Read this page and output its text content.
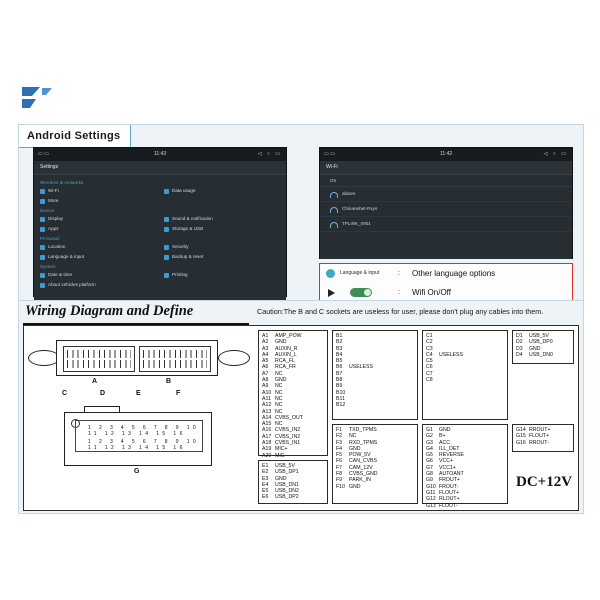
Android Settings
▭ ▭	11:43	◁ ○ ▭
Settings
Wireless & networks
Wi-Fi	Data usage
More
Device
Display	Sound & notification
Apps	Storage & USB
Personal
Location	Security
Language & input	Backup & reset
System
Date & time	Printing
About vehicles platform
▭ ▭	11:42	◁ ○ ▭
Wi-Fi
On
abises
Chinanebet-Rxys
TPLINK_0901
Language & input	: Other language options
: Wifi On/Off
Wiring Diagram and Define	Caution:The B and C sockets are useless for user, please don't plug any cables into them.
A	B
C	D	E	F
1 2 3 4 5 6 7 8 9 10 11 12 13 14 15 16
1 2 3 4 5 6 7 8 9 10 11 12 13 14 15 16
G
A1 AMP_POW
A2 GND
A3 AUXIN_R
A4 AUXIN_L
A5 RCA_FL
A6 RCA_FR
A7 NC
A8 GND
A9 NC
A10 NC
A11 NC
A12 NC
A13 NC
A14 CVBS_OUT
A15 NC
A16 CVBS_IN2
A17 CVBS_IN2
A18 CVBS_IN1
A19 MIC+
A20 MIC-
B1
B2
B3
B4
B5
B6 USELESS
B7
B8
B9
B10
B11
B12
C1
C2
C3
C4 USELESS
C5
C6
C7
C8
D1 USB_5V
D2 USB_DP0
D3 GND
D4 USB_DN0
E1 USB_5V
E2 USB_DP1
E3 GND
E4 USB_DN1
E5 USB_DN2
E6 USB_DP2
F1 TXD_TPMS
F2 NC
F3 RXD_TPMS
F4 GND
F5 POW_5V
F6 CAN_CVBS
F7 CAM_12V
F8 CVBS_GND
F9 PARK_IN
F10 GND
G1 GND
G2 B+
G3 ACC
G4 ILL_DET
G5 REVERSE
G6 VCC+
G7 VCC1+
G8 AUTOANT
G9 FROUT+
G10 FROUT-
G11 FLOUT+
G12 RLOUT+
G13 FLOUT-
G14 RROUT+
G15 FLOUT+
G16 RROUT-
DC+12V
